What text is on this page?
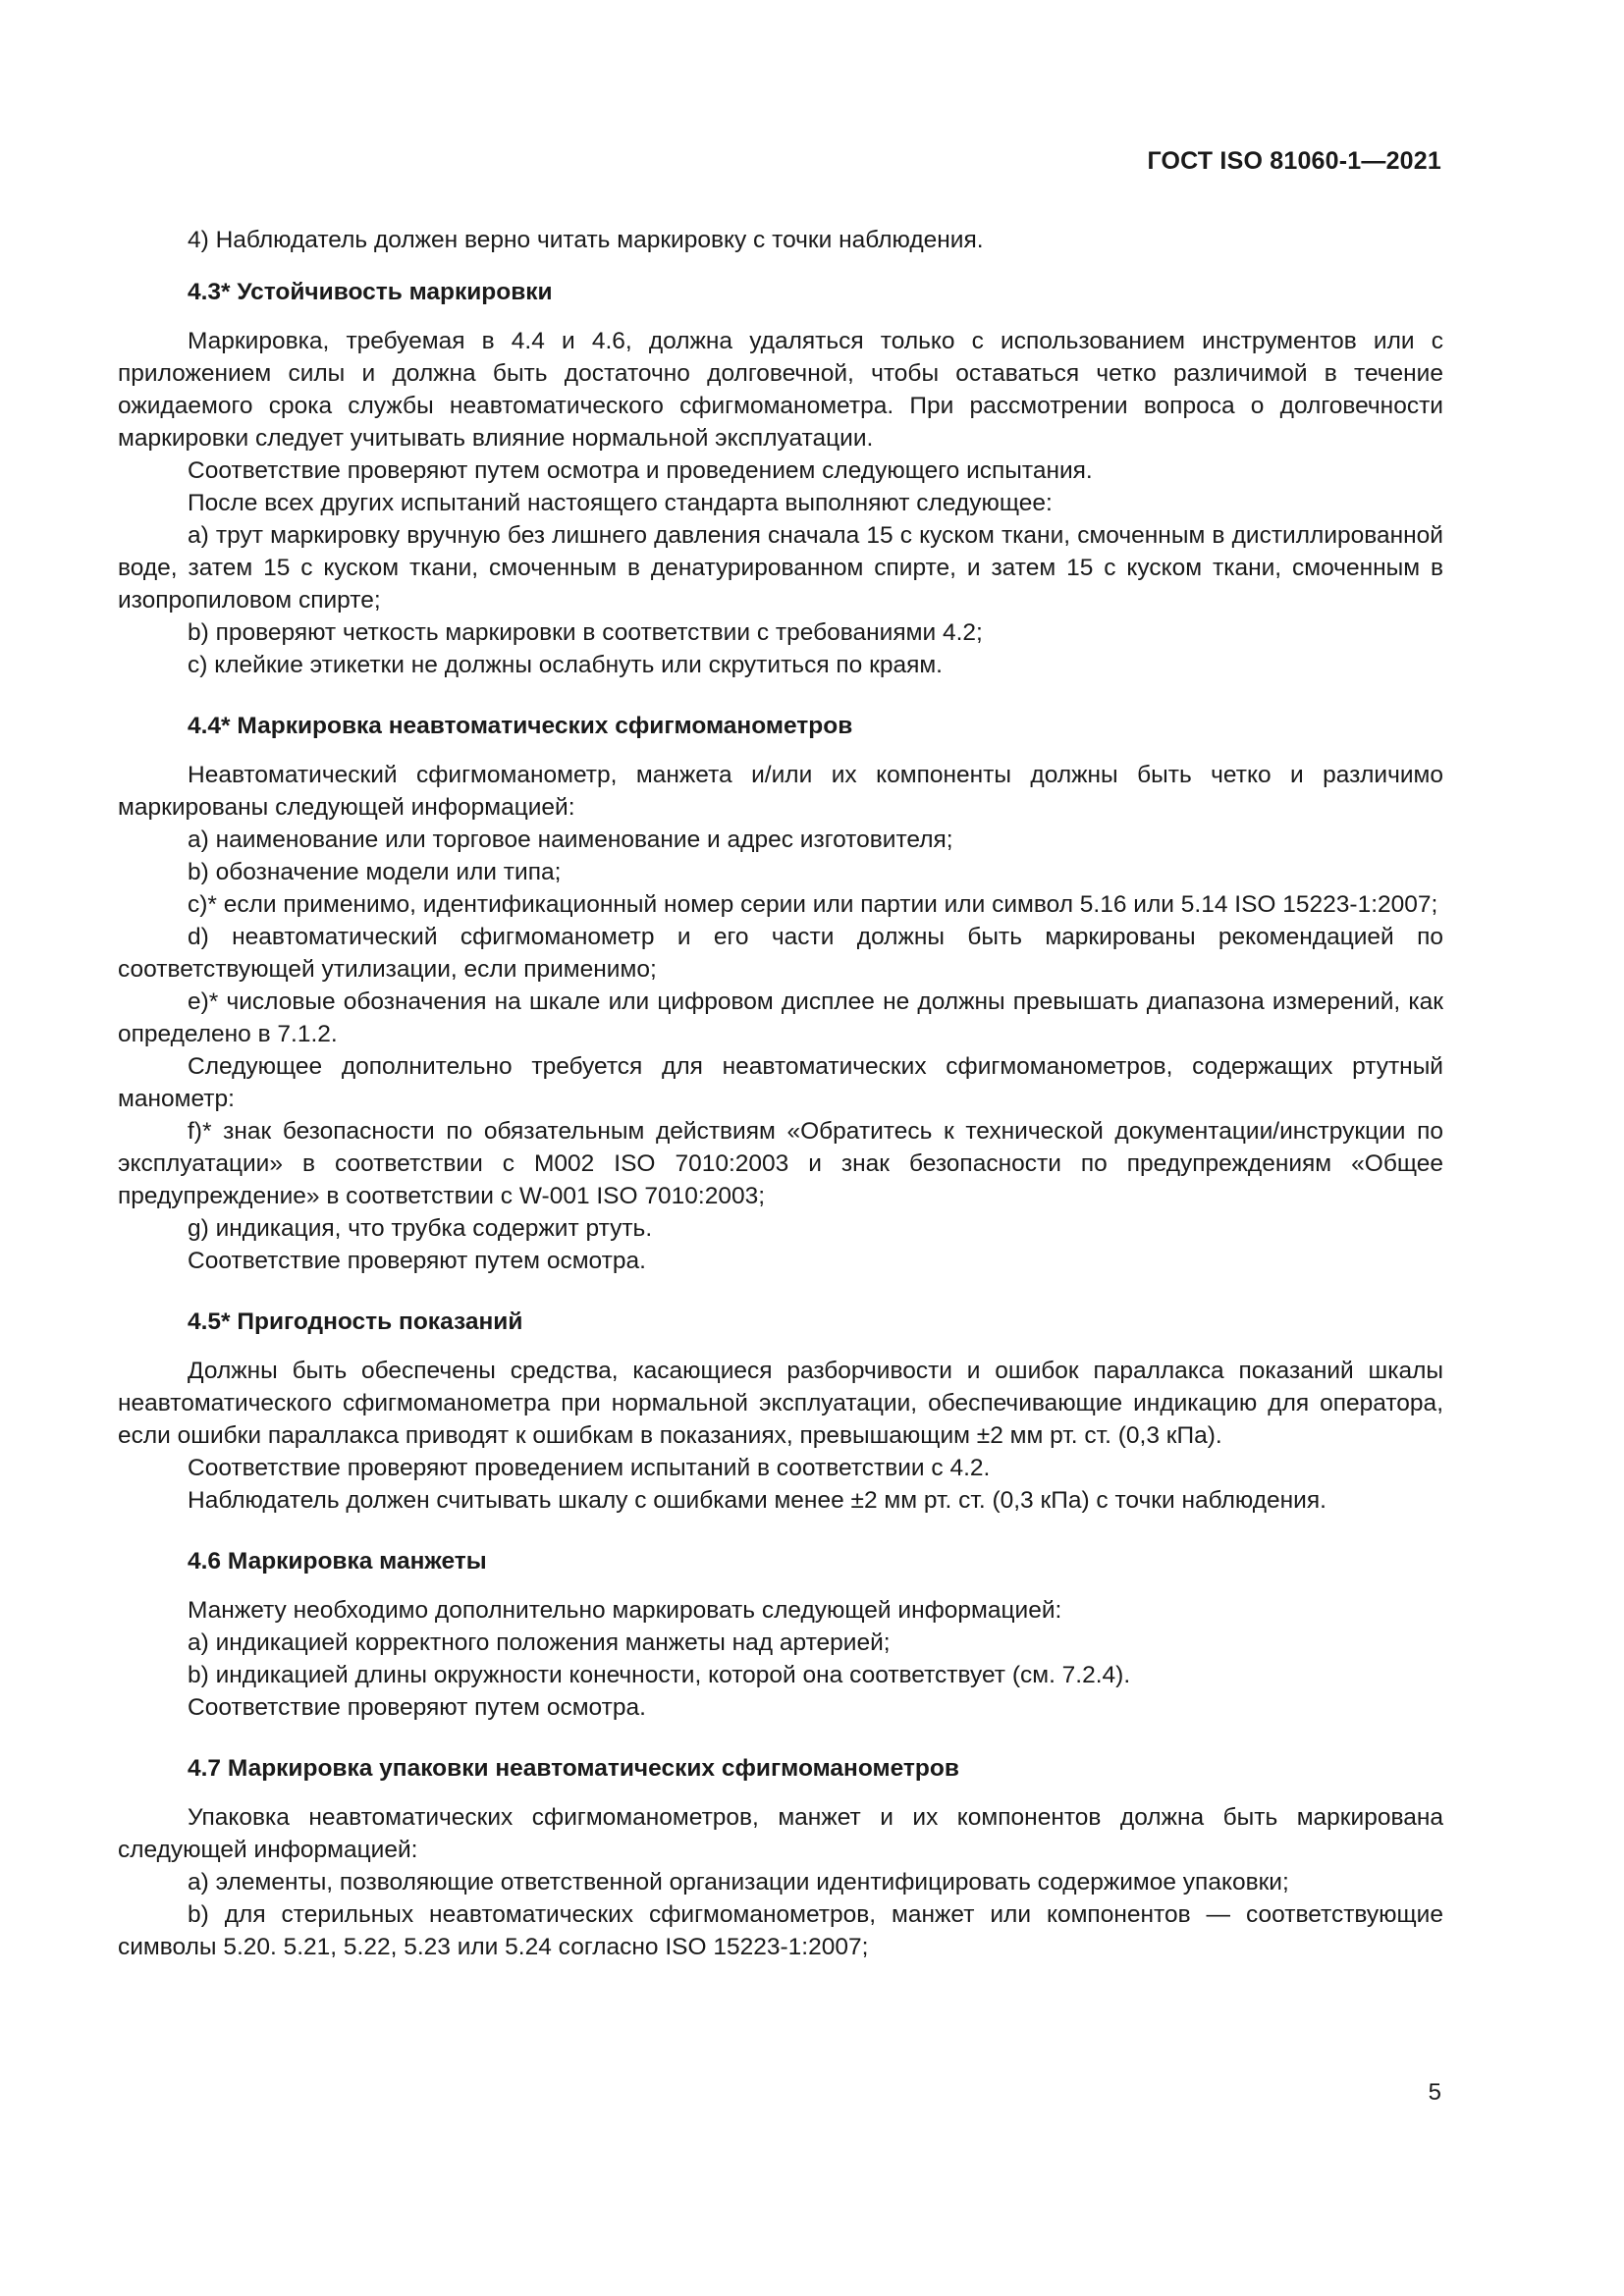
ГОСТ ISO 81060-1—2021

4) Наблюдатель должен верно читать маркировку с точки наблюдения.

4.3* Устойчивость маркировки

Маркировка, требуемая в 4.4 и 4.6, должна удаляться только с использованием инструментов или с приложением силы и должна быть достаточно долговечной, чтобы оставаться четко различимой в течение ожидаемого срока службы неавтоматического сфигмоманометра. При рассмотрении вопроса о долговечности маркировки следует учитывать влияние нормальной эксплуатации.

Соответствие проверяют путем осмотра и проведением следующего испытания.

После всех других испытаний настоящего стандарта выполняют следующее:

а) трут маркировку вручную без лишнего давления сначала 15 с куском ткани, смоченным в дистиллированной воде, затем 15 с куском ткани, смоченным в денатурированном спирте, и затем 15 с куском ткани, смоченным в изопропиловом спирте;

b) проверяют четкость маркировки в соответствии с требованиями 4.2;

с) клейкие этикетки не должны ослабнуть или скрутиться по краям.

4.4* Маркировка неавтоматических сфигмоманометров

Неавтоматический сфигмоманометр, манжета и/или их компоненты должны быть четко и различимо маркированы следующей информацией:

а) наименование или торговое наименование и адрес изготовителя;

b) обозначение модели или типа;

с)* если применимо, идентификационный номер серии или партии или символ 5.16 или 5.14 ISO 15223-1:2007;

d) неавтоматический сфигмоманометр и его части должны быть маркированы рекомендацией по соответствующей утилизации, если применимо;

е)* числовые обозначения на шкале или цифровом дисплее не должны превышать диапазона измерений, как определено в 7.1.2.

Следующее дополнительно требуется для неавтоматических сфигмоманометров, содержащих ртутный манометр:

f)* знак безопасности по обязательным действиям «Обратитесь к технической документации/инструкции по эксплуатации» в соответствии с M002 ISO 7010:2003 и знак безопасности по предупреждениям «Общее предупреждение» в соответствии с W-001 ISO 7010:2003;

g) индикация, что трубка содержит ртуть.

Соответствие проверяют путем осмотра.

4.5* Пригодность показаний

Должны быть обеспечены средства, касающиеся разборчивости и ошибок параллакса показаний шкалы неавтоматического сфигмоманометра при нормальной эксплуатации, обеспечивающие индикацию для оператора, если ошибки параллакса приводят к ошибкам в показаниях, превышающим ±2 мм рт. ст. (0,3 кПа).

Соответствие проверяют проведением испытаний в соответствии с 4.2.

Наблюдатель должен считывать шкалу с ошибками менее ±2 мм рт. ст. (0,3 кПа) с точки наблюдения.

4.6 Маркировка манжеты

Манжету необходимо дополнительно маркировать следующей информацией:

а) индикацией корректного положения манжеты над артерией;

b) индикацией длины окружности конечности, которой она соответствует (см. 7.2.4).

Соответствие проверяют путем осмотра.

4.7 Маркировка упаковки неавтоматических сфигмоманометров

Упаковка неавтоматических сфигмоманометров, манжет и их компонентов должна быть маркирована следующей информацией:

а) элементы, позволяющие ответственной организации идентифицировать содержимое упаковки;

b) для стерильных неавтоматических сфигмоманометров, манжет или компонентов — соответствующие символы 5.20. 5.21, 5.22, 5.23 или 5.24 согласно ISO 15223-1:2007;

5
